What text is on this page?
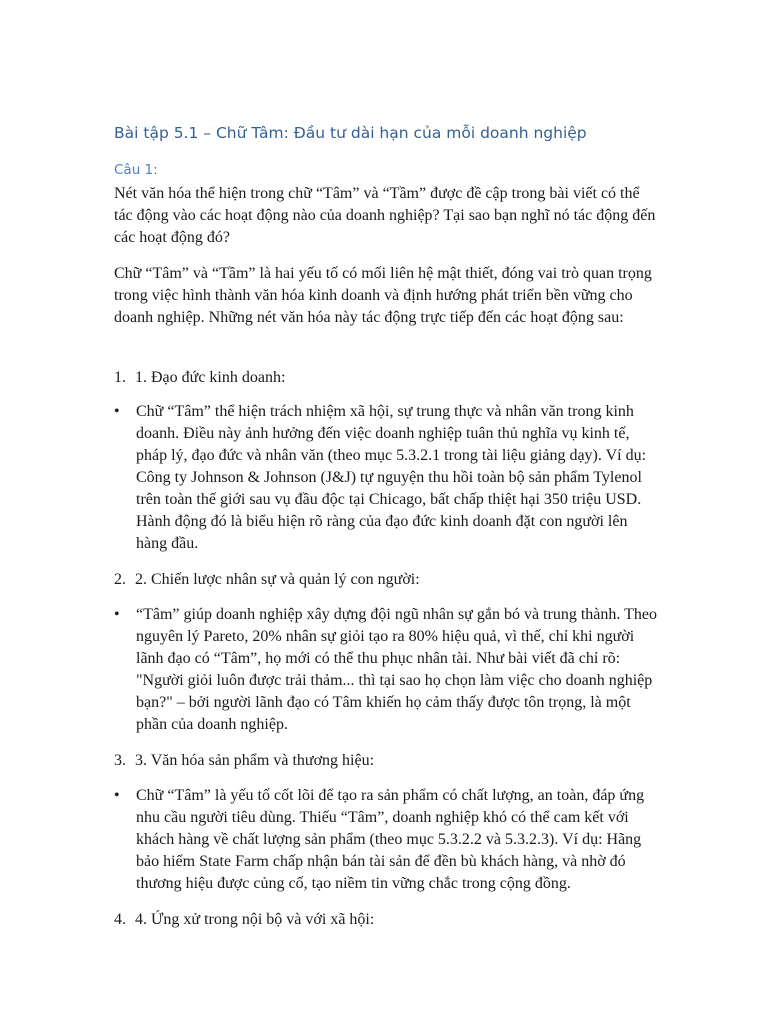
Bài tập 5.1 – Chữ Tâm: Đầu tư dài hạn của mỗi doanh nghiệp

Câu 1:

Nét văn hóa thể hiện trong chữ “Tâm” và “Tầm” được đề cập trong bài viết có thể tác động vào các hoạt động nào của doanh nghiệp? Tại sao bạn nghĩ nó tác động đến các hoạt động đó?

Chữ “Tâm” và “Tầm” là hai yếu tố có mối liên hệ mật thiết, đóng vai trò quan trọng trong việc hình thành văn hóa kinh doanh và định hướng phát triển bền vững cho doanh nghiệp. Những nét văn hóa này tác động trực tiếp đến các hoạt động sau:

1. 1. Đạo đức kinh doanh:
• Chữ “Tâm” thể hiện trách nhiệm xã hội, sự trung thực và nhân văn trong kinh doanh. Điều này ảnh hưởng đến việc doanh nghiệp tuân thủ nghĩa vụ kinh tế, pháp lý, đạo đức và nhân văn (theo mục 5.3.2.1 trong tài liệu giảng dạy). Ví dụ: Công ty Johnson & Johnson (J&J) tự nguyện thu hồi toàn bộ sản phẩm Tylenol trên toàn thế giới sau vụ đầu độc tại Chicago, bất chấp thiệt hại 350 triệu USD. Hành động đó là biểu hiện rõ ràng của đạo đức kinh doanh đặt con người lên hàng đầu.
2. 2. Chiến lược nhân sự và quản lý con người:
• “Tâm” giúp doanh nghiệp xây dựng đội ngũ nhân sự gắn bó và trung thành. Theo nguyên lý Pareto, 20% nhân sự giỏi tạo ra 80% hiệu quả, vì thế, chỉ khi người lãnh đạo có “Tâm”, họ mới có thể thu phục nhân tài. Như bài viết đã chỉ rõ: "Người giỏi luôn được trải thảm... thì tại sao họ chọn làm việc cho doanh nghiệp bạn?" – bởi người lãnh đạo có Tâm khiến họ cảm thấy được tôn trọng, là một phần của doanh nghiệp.
3. 3. Văn hóa sản phẩm và thương hiệu:
• Chữ “Tâm” là yếu tố cốt lõi để tạo ra sản phẩm có chất lượng, an toàn, đáp ứng nhu cầu người tiêu dùng. Thiếu “Tâm”, doanh nghiệp khó có thể cam kết với khách hàng về chất lượng sản phẩm (theo mục 5.3.2.2 và 5.3.2.3). Ví dụ: Hãng bảo hiểm State Farm chấp nhận bán tài sản để đền bù khách hàng, và nhờ đó thương hiệu được củng cố, tạo niềm tin vững chắc trong cộng đồng.
4. 4. Ứng xử trong nội bộ và với xã hội:
